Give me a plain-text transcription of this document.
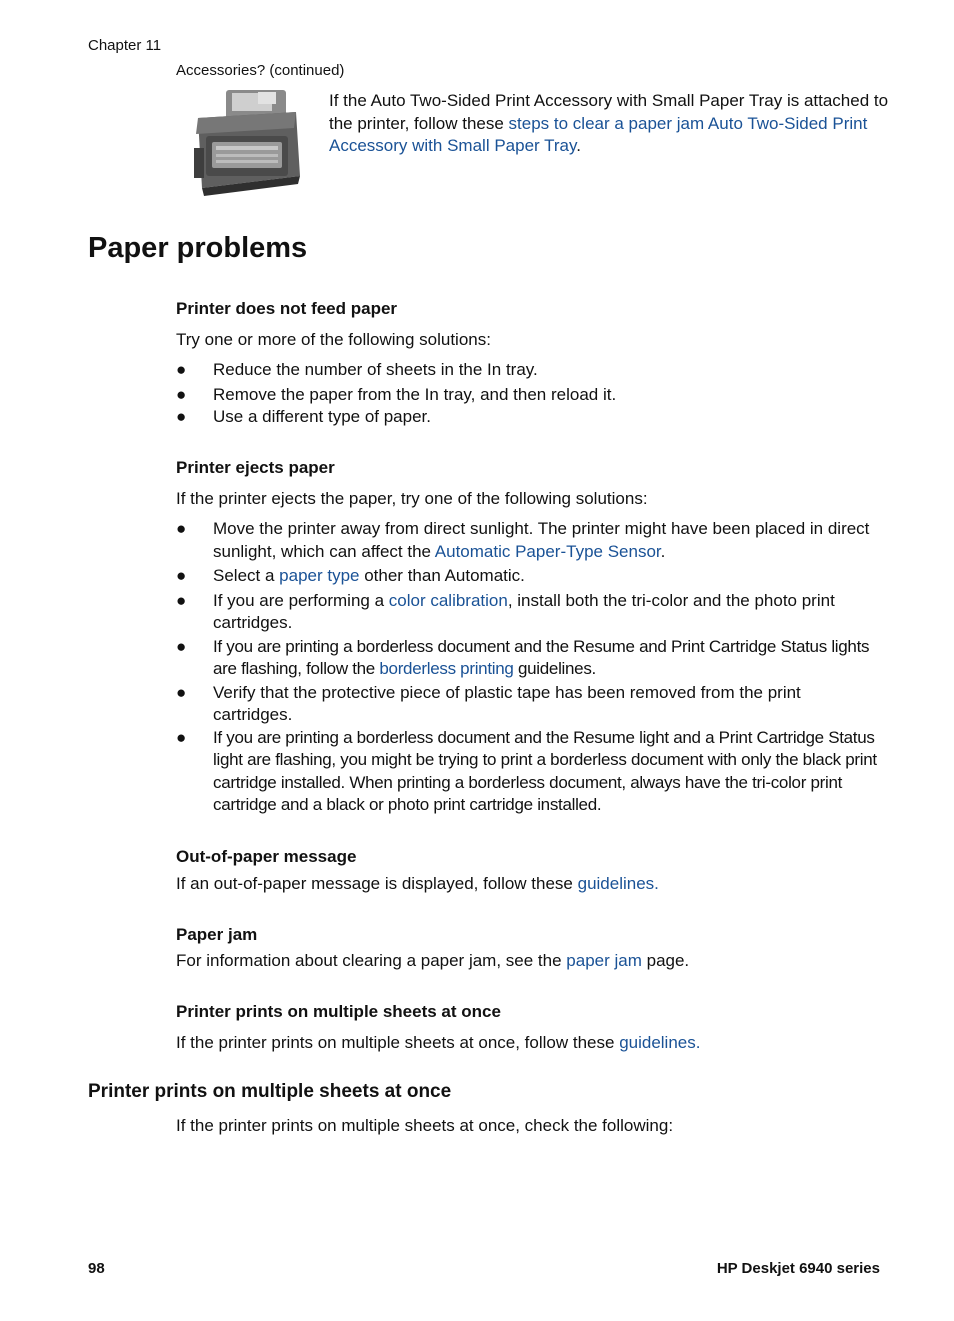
Chapter 11
Accessories? (continued)
If the Auto Two-Sided Print Accessory with Small Paper Tray is attached to the printer, follow these steps to clear a paper jam Auto Two-Sided Print Accessory with Small Paper Tray.
Paper problems
Printer does not feed paper

Try one or more of the following solutions:

● Reduce the number of sheets in the In tray.
● Remove the paper from the In tray, and then reload it.
● Use a different type of paper.
Printer ejects paper

If the printer ejects the paper, try one of the following solutions:

● Move the printer away from direct sunlight. The printer might have been placed in direct sunlight, which can affect the Automatic Paper-Type Sensor.
● Select a paper type other than Automatic.
● If you are performing a color calibration, install both the tri-color and the photo print cartridges.
● If you are printing a borderless document and the Resume and Print Cartridge Status lights are flashing, follow the borderless printing guidelines.
● Verify that the protective piece of plastic tape has been removed from the print cartridges.
● If you are printing a borderless document and the Resume light and a Print Cartridge Status light are flashing, you might be trying to print a borderless document with only the black print cartridge installed. When printing a borderless document, always have the tri-color print cartridge and a black or photo print cartridge installed.
Out-of-paper message

If an out-of-paper message is displayed, follow these guidelines.

Paper jam

For information about clearing a paper jam, see the paper jam page.

Printer prints on multiple sheets at once

If the printer prints on multiple sheets at once, follow these guidelines.

Printer prints on multiple sheets at once

If the printer prints on multiple sheets at once, check the following:

98	HP Deskjet 6940 series
